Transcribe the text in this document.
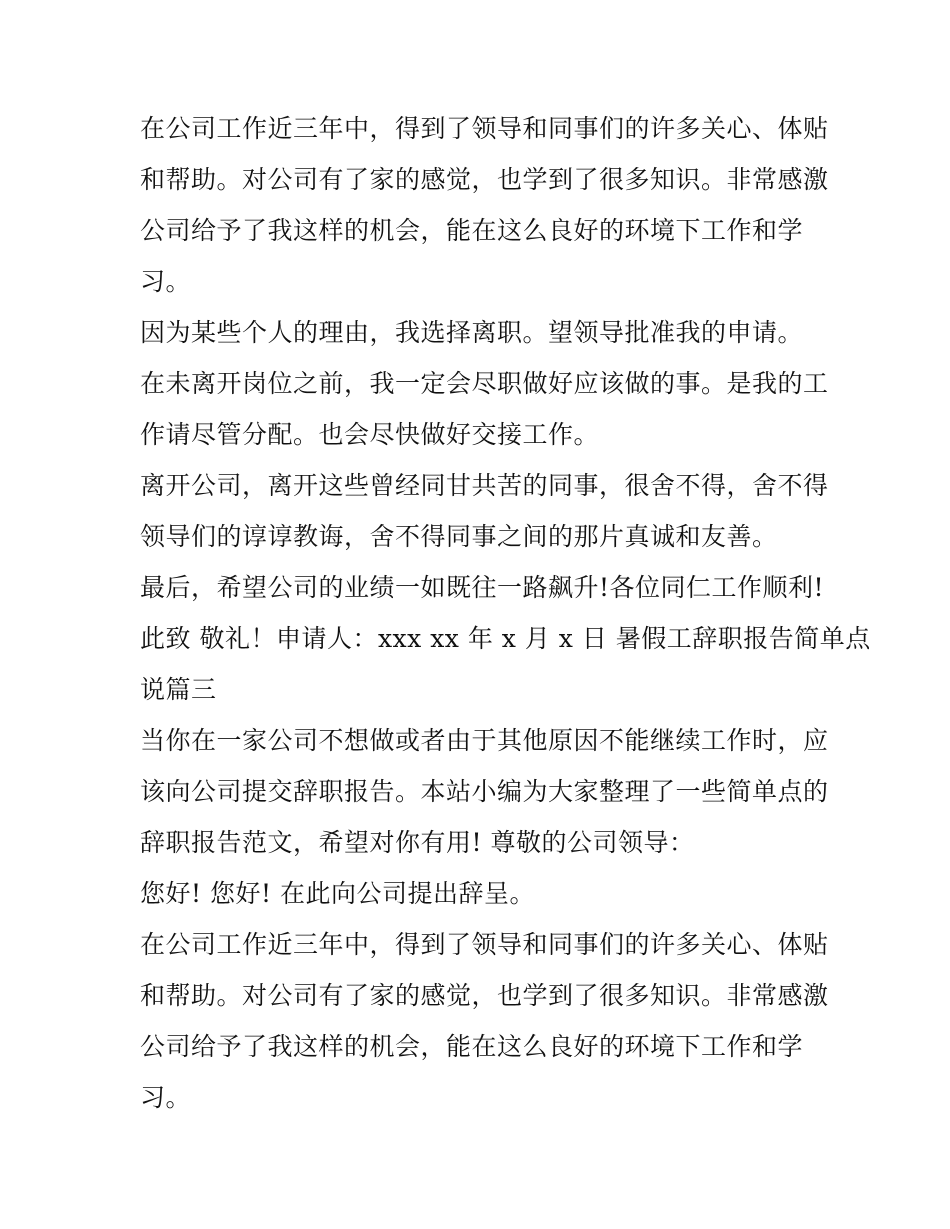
在公司工作近三年中，得到了领导和同事们的许多关心、体贴
和帮助。对公司有了家的感觉，也学到了很多知识。非常感激
公司给予了我这样的机会，能在这么良好的环境下工作和学
习。

因为某些个人的理由，我选择离职。望领导批准我的申请。

在未离开岗位之前，我一定会尽职做好应该做的事。是我的工
作请尽管分配。也会尽快做好交接工作。

离开公司，离开这些曾经同甘共苦的同事，很舍不得，舍不得
领导们的谆谆教诲，舍不得同事之间的那片真诚和友善。

最后，希望公司的业绩一如既往一路飙升!各位同仁工作顺利!
此致 敬礼！申请人：xxx xx 年 x 月 x 日 暑假工辞职报告简单点
说篇三

当你在一家公司不想做或者由于其他原因不能继续工作时，应
该向公司提交辞职报告。本站小编为大家整理了一些简单点的
辞职报告范文，希望对你有用! 尊敬的公司领导：

您好! 您好! 在此向公司提出辞呈。

在公司工作近三年中，得到了领导和同事们的许多关心、体贴
和帮助。对公司有了家的感觉，也学到了很多知识。非常感激
公司给予了我这样的机会，能在这么良好的环境下工作和学
习。
